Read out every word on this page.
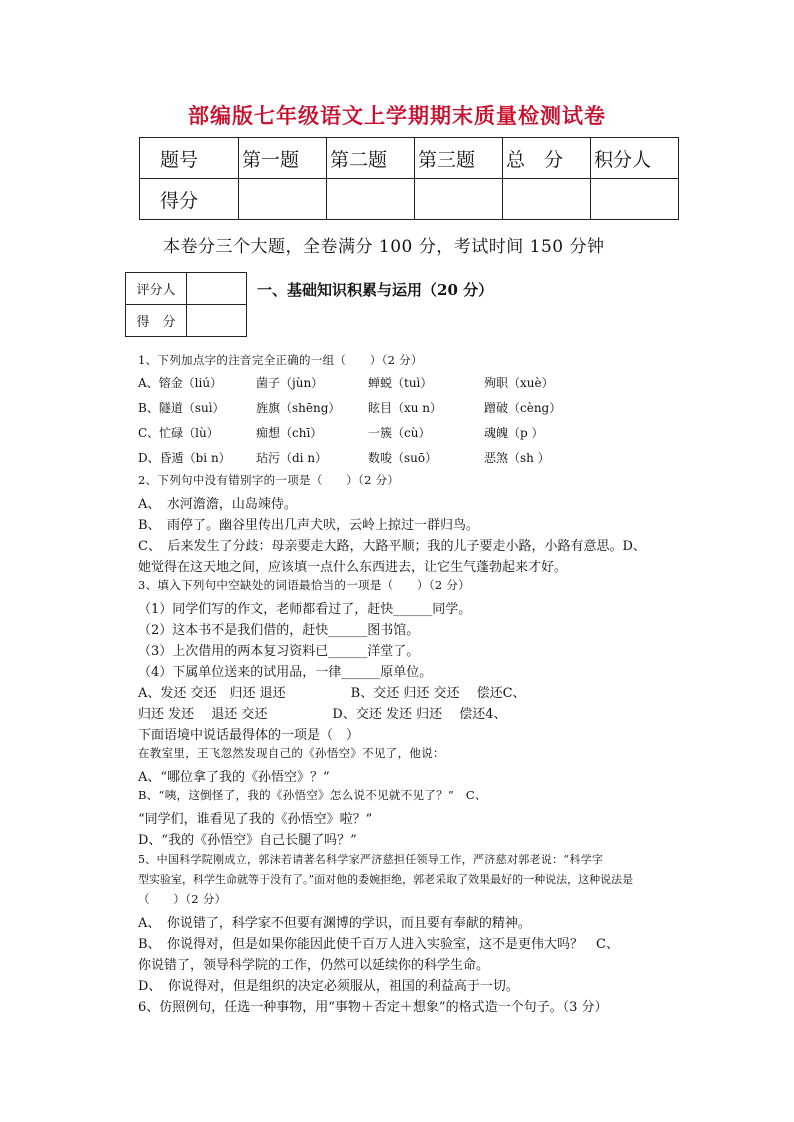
部编版七年级语文上学期期末质量检测试卷
题号	第一题	第二题	第三题	总　分	积分人
得分					
本卷分三个大题，全卷满分 100 分，考试时间 150 分钟
评分人	
得　分	
一、基础知识积累与运用（20 分）
1、下列加点字的注音完全正确的一组（　　）（2 分）
A、镕金（liú）	菌子（jùn）	蝉蜕（tuì）	殉职（xuè）
B、隧道（suì）	旌旗（shēng） 眩目（xu n）	蹭破（cèng）
C、忙碌（lù）	痴想（chī）	一簇（cù）	魂魄（p ）
D、昏遁（bi n） 玷污（di n）	数唆（suō）	恶煞（sh ）
2、下列句中没有错别字的一项是（　　）（2 分）
A、　水河澹澹，山岛竦侍。
B、　雨停了。幽谷里传出几声犬吠，云岭上掠过一群归鸟。
C、　后来发生了分歧：母亲要走大路，大路平顺；我的儿子要走小路，小路有意思。D、
她觉得在这天地之间，应该填一点什么东西进去，让它生气蓬勃起来才好。
3、填入下列句中空缺处的词语最恰当的一项是（　　）（2 分）
（1）同学们写的作文，老师都看过了，赶快______同学。
（2）这本书不是我们借的，赶快______图书馆。
（3）上次借用的两本复习资料已______洋堂了。
（4）下属单位送来的试用品，一律______原单位。
A、发还 交还　归还 退还　　　　　B、交还 归还 交还　 偿还C、
归还 发还　 退还 交还　　　　　D、交还 发还 归还　 偿还4、
下面语境中说话最得体的一项是（　）
在教室里，王飞忽然发现自己的《孙悟空》不见了，他说：
A、“哪位拿了我的《孙悟空》？”
B、“咦，这倒怪了，我的《孙悟空》怎么说不见就不见了？”　C、
“同学们，谁看见了我的《孙悟空》啦？”
D、“我的《孙悟空》自己长腿了吗？”
5、中国科学院刚成立，郭沫若请著名科学家严济慈担任领导工作，严济慈对郭老说：“科学字
型实验室，科学生命就等于没有了。”面对他的委婉拒绝，郭老采取了效果最好的一种说法，这种说法是
（　　）（2 分）
A、　你说错了，科学家不但要有渊博的学识，而且要有奉献的精神。
B、　你说得对，但是如果你能因此使千百万人进入实验室，这不是更伟大吗？　C、
你说错了，领导科学院的工作，仍然可以延续你的科学生命。
D、　你说得对，但是组织的决定必须服从，祖国的利益高于一切。
6、仿照例句，任选一种事物，用“事物＋否定＋想象”的格式造一个句子。（3 分）
